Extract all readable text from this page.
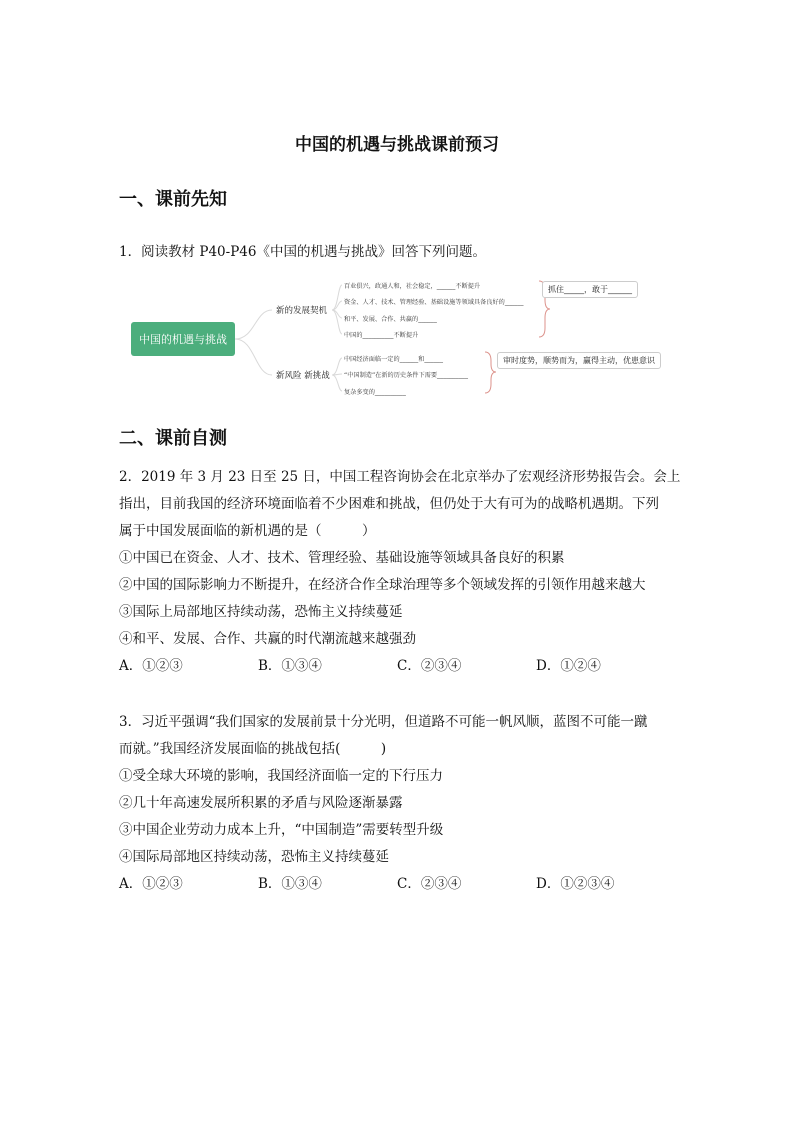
中国的机遇与挑战课前预习
一、课前先知
1．阅读教材 P40-P46《中国的机遇与挑战》回答下列问题。
中国的机遇与挑战
新的发展契机
新风险 新挑战
百业俱兴，政通人和，社会稳定，______不断提升
资金、人才、技术、管理经验、基础设施等领域具备良好的______
和平、发展、合作、共赢的______
中国的__________不断提升
中国经济面临一定的______和______
“中国制造”在新的历史条件下需要__________
复杂多变的__________
抓住_____，敢于______
审时度势，顺势而为，赢得主动，优患意识
二、课前自测
2．2019 年 3 月 23 日至 25 日，中国工程咨询协会在北京举办了宏观经济形势报告会。会上
指出，目前我国的经济环境面临着不少困难和挑战，但仍处于大有可为的战略机遇期。下列
属于中国发展面临的新机遇的是（　　　）
①中国已在资金、人才、技术、管理经验、基础设施等领域具备良好的积累
②中国的国际影响力不断提升，在经济合作全球治理等多个领域发挥的引领作用越来越大
③国际上局部地区持续动荡，恐怖主义持续蔓延
④和平、发展、合作、共赢的时代潮流越来越强劲
A．①②③	B．①③④	C．②③④	D．①②④
3．习近平强调“我们国家的发展前景十分光明，但道路不可能一帆风顺，蓝图不可能一蹴
而就。”我国经济发展面临的挑战包括(　　　)
①受全球大环境的影响，我国经济面临一定的下行压力
②几十年高速发展所积累的矛盾与风险逐渐暴露
③中国企业劳动力成本上升，“中国制造”需要转型升级
④国际局部地区持续动荡，恐怖主义持续蔓延
A．①②③	B．①③④	C．②③④	D．①②③④
